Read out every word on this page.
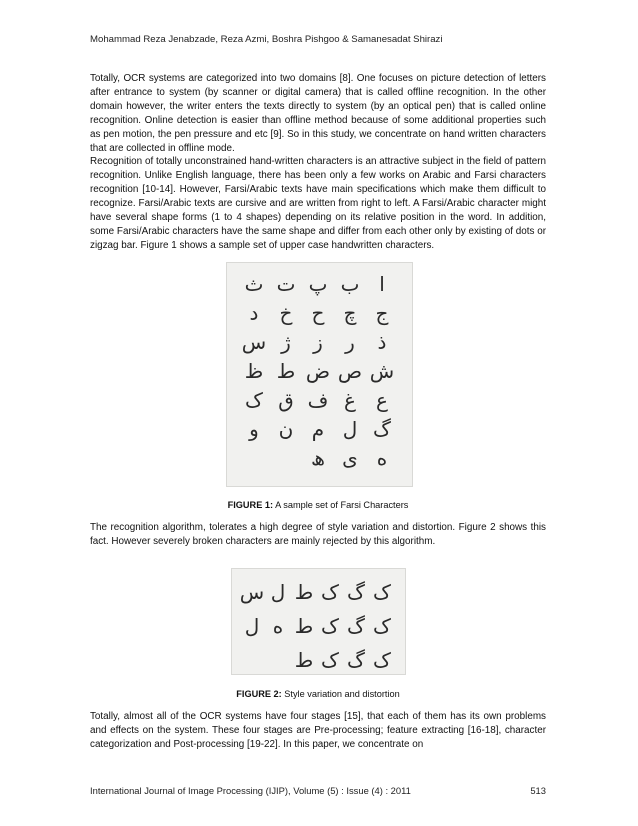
Mohammad Reza Jenabzade, Reza Azmi, Boshra Pishgoo & Samanesadat Shirazi

Totally, OCR systems are categorized into two domains [8]. One focuses on picture detection of letters after entrance to system (by scanner or digital camera) that is called offline recognition. In the other domain however, the writer enters the texts directly to system (by an optical pen) that is called online recognition. Online detection is easier than offline method because of some additional properties such as pen motion, the pen pressure and etc [9]. So in this study, we concentrate on hand written characters that are collected in offline mode.

Recognition of totally unconstrained hand-written characters is an attractive subject in the field of pattern recognition. Unlike English language, there has been only a few works on Arabic and Farsi characters recognition [10-14]. However, Farsi/Arabic texts have main specifications which make them difficult to recognize. Farsi/Arabic texts are cursive and are written from right to left. A Farsi/Arabic character might have several shape forms (1 to 4 shapes) depending on its relative position in the word. In addition, some Farsi/Arabic characters have the same shape and differ from each other only by existing of dots or zigzag bar. Figure 1 shows a sample set of upper case handwritten characters.

ا
ب
پ
ت
ث
ج
چ
ح
خ
د
ذ
ر
ز
ژ
س
ش
ص
ض
ط
ظ
ع
غ
ف
ق
ک
گ
ل
م
ن
و
ه
ی
ھ
FIGURE 1: A sample set of Farsi Characters

The recognition algorithm, tolerates a high degree of style variation and distortion. Figure 2 shows this fact. However severely broken characters are mainly rejected by this algorithm.

ک
گ
ک
ط
ل
س
ک
گ
ک
ط
ه
ل
ک
گ
ک
ط
FIGURE 2: Style variation and distortion

Totally, almost all of the OCR systems have four stages [15], that each of them has its own problems and effects on the system. These four stages are Pre-processing; feature extracting [16-18], character categorization and Post-processing [19-22]. In this paper, we concentrate on

International Journal of Image Processing (IJIP), Volume (5) : Issue (4) : 2011	513
